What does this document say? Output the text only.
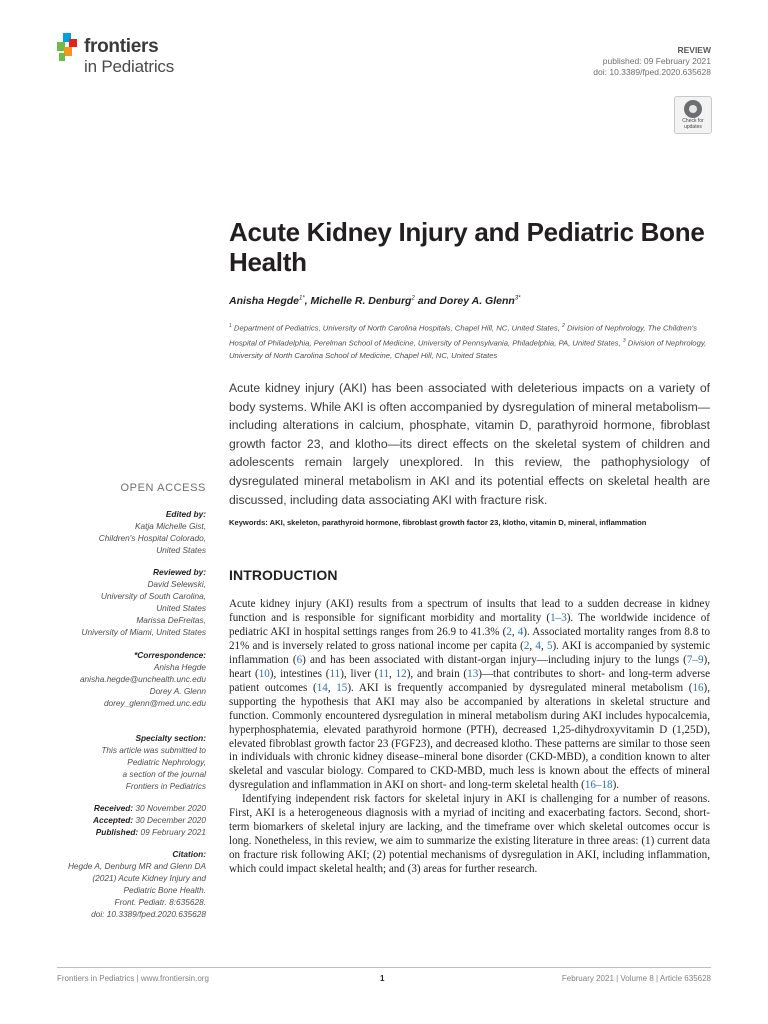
frontiers
in Pediatrics
REVIEW
published: 09 February 2021
doi: 10.3389/fped.2020.635628
Check for updates
Acute Kidney Injury and Pediatric Bone Health
Anisha Hegde$^{1*}$, Michelle R. Denburg$^2$ and Dorey A. Glenn$^{3*}$
$^1$ Department of Pediatrics, University of North Carolina Hospitals, Chapel Hill, NC, United States, $^2$ Division of Nephrology, The Children's Hospital of Philadelphia, Perelman School of Medicine, University of Pennsylvania, Philadelphia, PA, United States, $^3$ Division of Nephrology, University of North Carolina School of Medicine, Chapel Hill, NC, United States
Acute kidney injury (AKI) has been associated with deleterious impacts on a variety of body systems. While AKI is often accompanied by dysregulation of mineral metabolism—including alterations in calcium, phosphate, vitamin D, parathyroid hormone, fibroblast growth factor 23, and klotho—its direct effects on the skeletal system of children and adolescents remain largely unexplored. In this review, the pathophysiology of dysregulated mineral metabolism in AKI and its potential effects on skeletal health are discussed, including data associating AKI with fracture risk.
Keywords: AKI, skeleton, parathyroid hormone, fibroblast growth factor 23, klotho, vitamin D, mineral, inflammation
INTRODUCTION

Acute kidney injury (AKI) results from a spectrum of insults that lead to a sudden decrease in kidney function and is responsible for significant morbidity and mortality (1–3). The worldwide incidence of pediatric AKI in hospital settings ranges from 26.9 to 41.3% (2, 4). Associated mortality ranges from 8.8 to 21% and is inversely related to gross national income per capita (2, 4, 5). AKI is accompanied by systemic inflammation (6) and has been associated with distant-organ injury—including injury to the lungs (7–9), heart (10), intestines (11), liver (11, 12), and brain (13)—that contributes to short- and long-term adverse patient outcomes (14, 15). AKI is frequently accompanied by dysregulated mineral metabolism (16), supporting the hypothesis that AKI may also be accompanied by alterations in skeletal structure and function. Commonly encountered dysregulation in mineral metabolism during AKI includes hypocalcemia, hyperphosphatemia, elevated parathyroid hormone (PTH), decreased 1,25-dihydroxyvitamin D (1,25D), elevated fibroblast growth factor 23 (FGF23), and decreased klotho. These patterns are similar to those seen in individuals with chronic kidney disease–mineral bone disorder (CKD-MBD), a condition known to alter skeletal and vascular biology. Compared to CKD-MBD, much less is known about the effects of mineral dysregulation and inflammation in AKI on short- and long-term skeletal health (16–18).

Identifying independent risk factors for skeletal injury in AKI is challenging for a number of reasons. First, AKI is a heterogeneous diagnosis with a myriad of inciting and exacerbating factors. Second, short-term biomarkers of skeletal injury are lacking, and the timeframe over which skeletal outcomes occur is long. Nonetheless, in this review, we aim to summarize the existing literature in three areas: (1) current data on fracture risk following AKI; (2) potential mechanisms of dysregulation in AKI, including inflammation, which could impact skeletal health; and (3) areas for further research.

OPEN ACCESS
Edited by:
Katja Michelle Gist,
Children's Hospital Colorado,
United States
Reviewed by:
David Selewski,
University of South Carolina,
United States
Marissa DeFreitas,
University of Miami, United States
*Correspondence:
Anisha Hegde
anisha.hegde@unchealth.unc.edu
Dorey A. Glenn
dorey_glenn@med.unc.edu
Specialty section:
This article was submitted to
Pediatric Nephrology,
a section of the journal
Frontiers in Pediatrics
Received: 30 November 2020
Accepted: 30 December 2020
Published: 09 February 2021
Citation:
Hegde A, Denburg MR and Glenn DA
(2021) Acute Kidney Injury and
Pediatric Bone Health.
Front. Pediatr. 8:635628.
doi: 10.3389/fped.2020.635628
Frontiers in Pediatrics | www.frontiersin.org	1	February 2021 | Volume 8 | Article 635628
